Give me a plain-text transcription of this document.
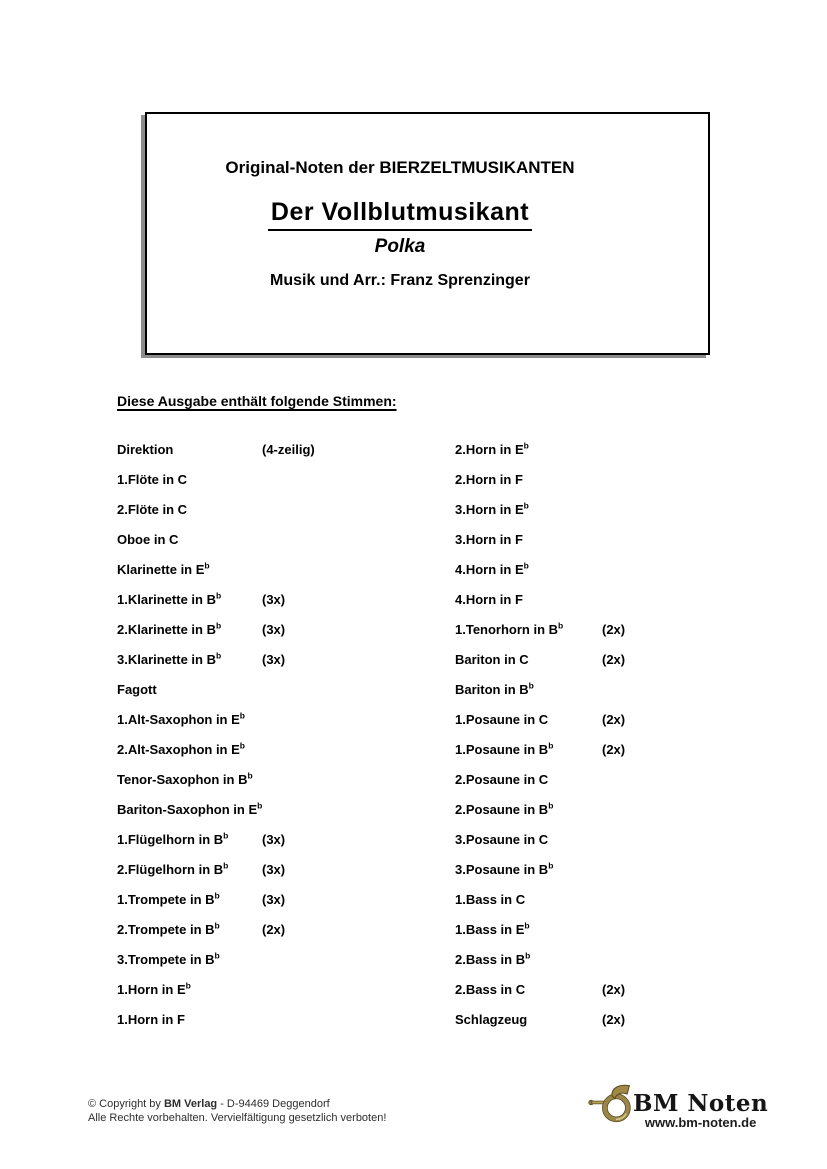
Original-Noten der BIERZELTMUSIKANTEN
Der Vollblutmusikant
Polka
Musik und Arr.: Franz Sprenzinger
Diese Ausgabe enthält folgende Stimmen:
Direktion	(4-zeilig)
1.Flöte in C
2.Flöte in C
Oboe in C
Klarinette in $E^b$
1.Klarinette in $B^b$	(3x)
2.Klarinette in $B^b$	(3x)
3.Klarinette in $B^b$	(3x)
Fagott
1.Alt-Saxophon in $E^b$
2.Alt-Saxophon in $E^b$
Tenor-Saxophon in $B^b$
Bariton-Saxophon in $E^b$
1.Flügelhorn in $B^b$	(3x)
2.Flügelhorn in $B^b$	(3x)
1.Trompete in $B^b$	(3x)
2.Trompete in $B^b$	(2x)
3.Trompete in $B^b$
1.Horn in $E^b$
1.Horn in F
2.Horn in $E^b$
2.Horn in F
3.Horn in $E^b$
3.Horn in F
4.Horn in $E^b$
4.Horn in F
1.Tenorhorn in $B^b$	(2x)
Bariton in C	(2x)
Bariton in $B^b$
1.Posaune in C	(2x)
1.Posaune in $B^b$	(2x)
2.Posaune in C
2.Posaune in $B^b$
3.Posaune in C
3.Posaune in $B^b$
1.Bass in C
1.Bass in $E^b$
2.Bass in $B^b$
2.Bass in C	(2x)
Schlagzeug	(2x)
© Copyright by BM Verlag - D-94469 Deggendorf
Alle Rechte vorbehalten. Vervielfältigung gesetzlich verboten!
BM Noten
www.bm-noten.de
